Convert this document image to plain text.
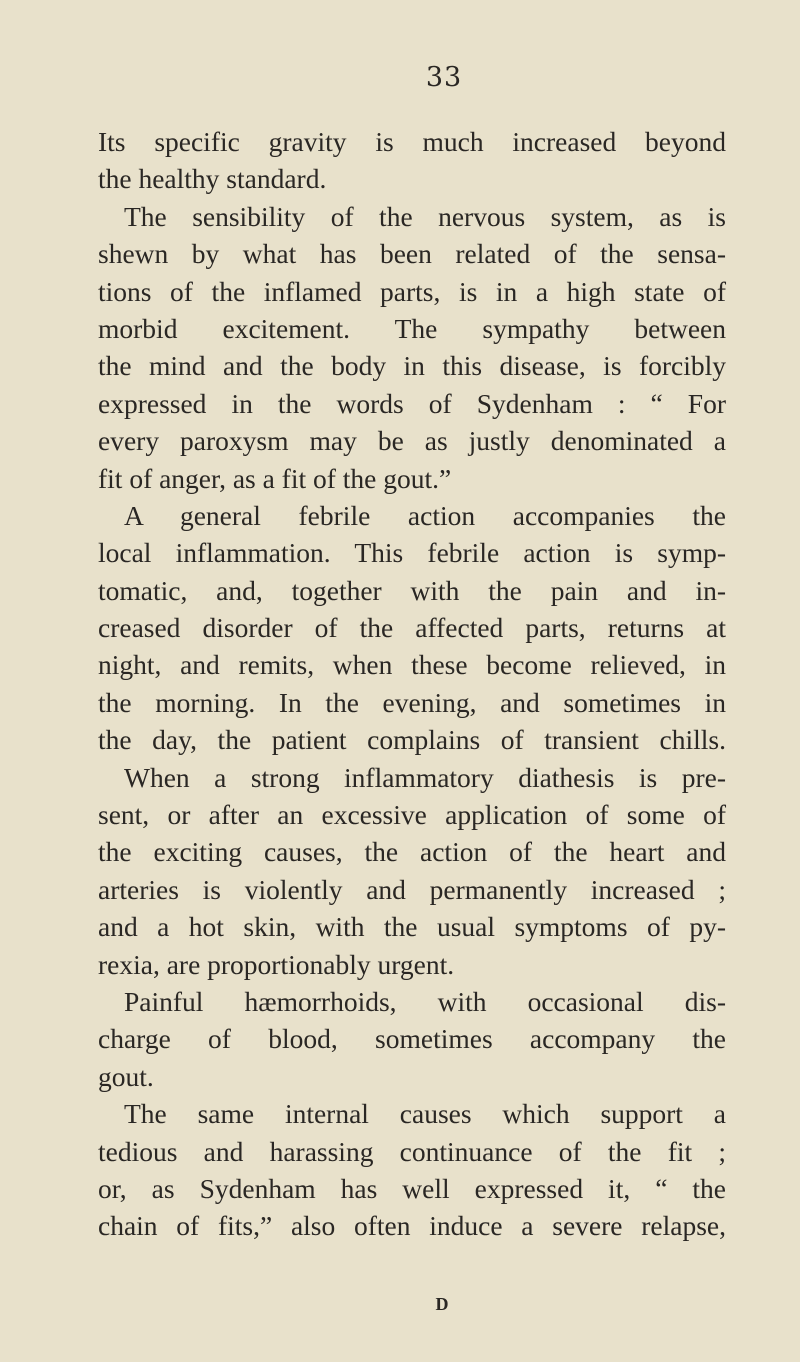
33
Its specific gravity is much increased beyond
the healthy standard.
The sensibility of the nervous system, as is
shewn by what has been related of the sensa-
tions of the inflamed parts, is in a high state of
morbid excitement. The sympathy between
the mind and the body in this disease, is forcibly
expressed in the words of Sydenham : “ For
every paroxysm may be as justly denominated a
fit of anger, as a fit of the gout.”
A general febrile action accompanies the
local inflammation. This febrile action is symp-
tomatic, and, together with the pain and in-
creased disorder of the affected parts, returns at
night, and remits, when these become relieved, in
the morning. In the evening, and sometimes in
the day, the patient complains of transient chills.
When a strong inflammatory diathesis is pre-
sent, or after an excessive application of some of
the exciting causes, the action of the heart and
arteries is violently and permanently increased ;
and a hot skin, with the usual symptoms of py-
rexia, are proportionably urgent.
Painful hæmorrhoids, with occasional dis-
charge of blood, sometimes accompany the
gout.
The same internal causes which support a
tedious and harassing continuance of the fit ;
or, as Sydenham has well expressed it, “ the
chain of fits,” also often induce a severe relapse,
D
